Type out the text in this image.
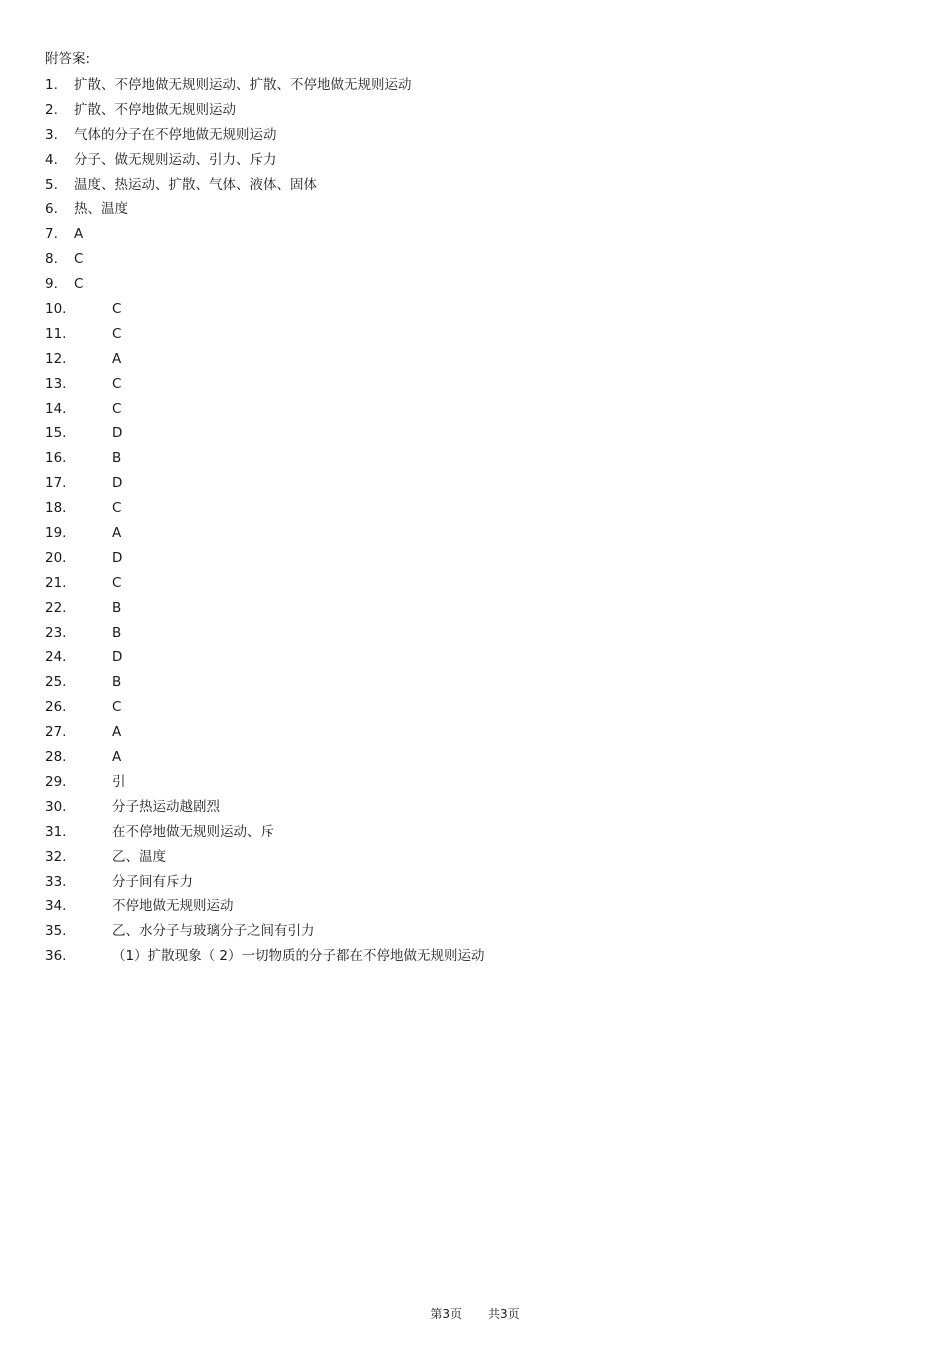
附答案:
1. 扩散、不停地做无规则运动、扩散、不停地做无规则运动
2. 扩散、不停地做无规则运动
3. 气体的分子在不停地做无规则运动
4. 分子、做无规则运动、引力、斥力
5. 温度、热运动、扩散、气体、液体、固体
6. 热、温度
7. A
8. C
9. C
10.	C
11.	C
12.	A
13.	C
14.	C
15.	D
16.	B
17.	D
18.	C
19.	A
20.	D
21.	C
22.	B
23.	B
24.	D
25.	B
26.	C
27.	A
28.	A
29.	引
30.	分子热运动越剧烈
31.	在不停地做无规则运动、斥
32.	乙、温度
33.	分子间有斥力
34.	不停地做无规则运动
35.	乙、水分子与玻璃分子之间有引力
36.	（1）扩散现象（ 2）一切物质的分子都在不停地做无规则运动
第3页 共3页
